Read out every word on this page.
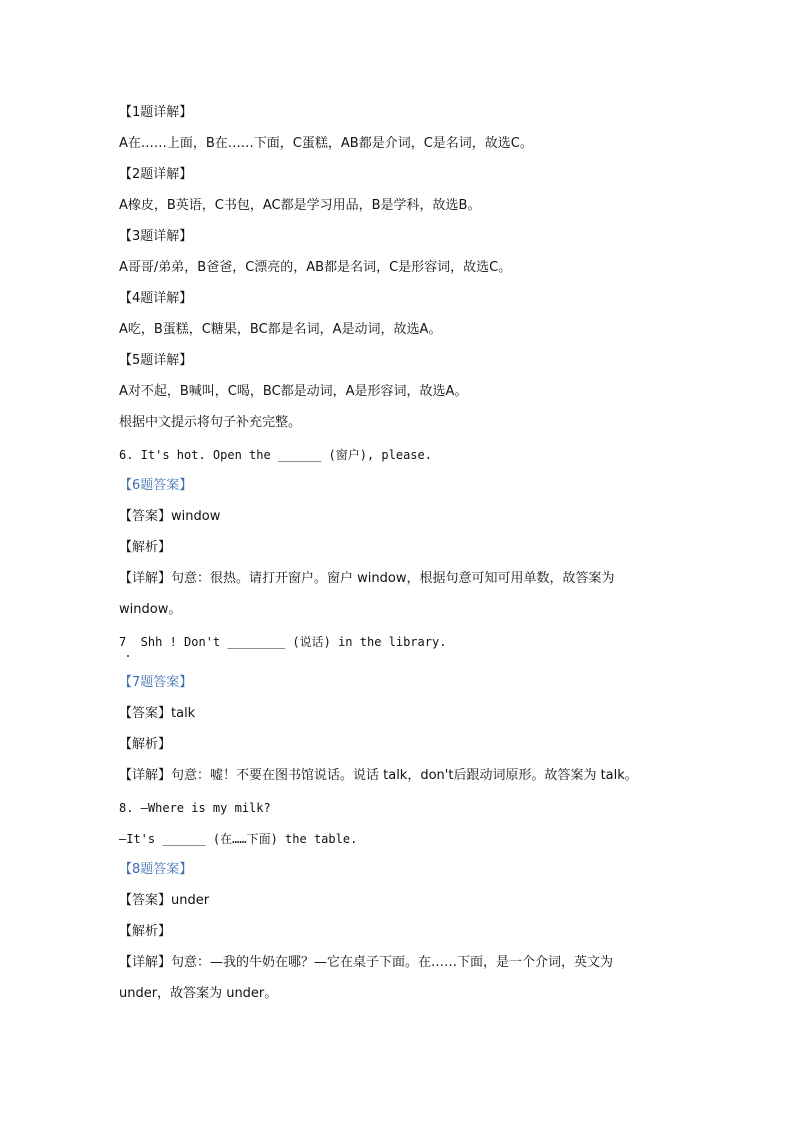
【1题详解】
A在……上面，B在……下面，C蛋糕，AB都是介词，C是名词，故选C。
【2题详解】
A橡皮，B英语，C书包，AC都是学习用品，B是学科，故选B。
【3题详解】
A哥哥/弟弟，B爸爸，C漂亮的，AB都是名词，C是形容词，故选C。
【4题详解】
A吃，B蛋糕，C糖果，BC都是名词，A是动词，故选A。
【5题详解】
A对不起，B喊叫，C喝，BC都是动词，A是形容词，故选A。
根据中文提示将句子补充完整。
6. It's hot. Open the ______ (窗户), please.
【6题答案】
【答案】window
【解析】
【详解】句意：很热。请打开窗户。窗户 window，根据句意可知可用单数，故答案为
window。
7  Shh ! Don't ________ (说话) in the library.
【7题答案】
【答案】talk
【解析】
【详解】句意：嘘！不要在图书馆说话。说话 talk，don't后跟动词原形。故答案为 talk。
8. —Where is my milk?
—It's ______ (在……下面) the table.
【8题答案】
【答案】under
【解析】
【详解】句意：—我的牛奶在哪？—它在桌子下面。在……下面，是一个介词，英文为
under，故答案为 under。
